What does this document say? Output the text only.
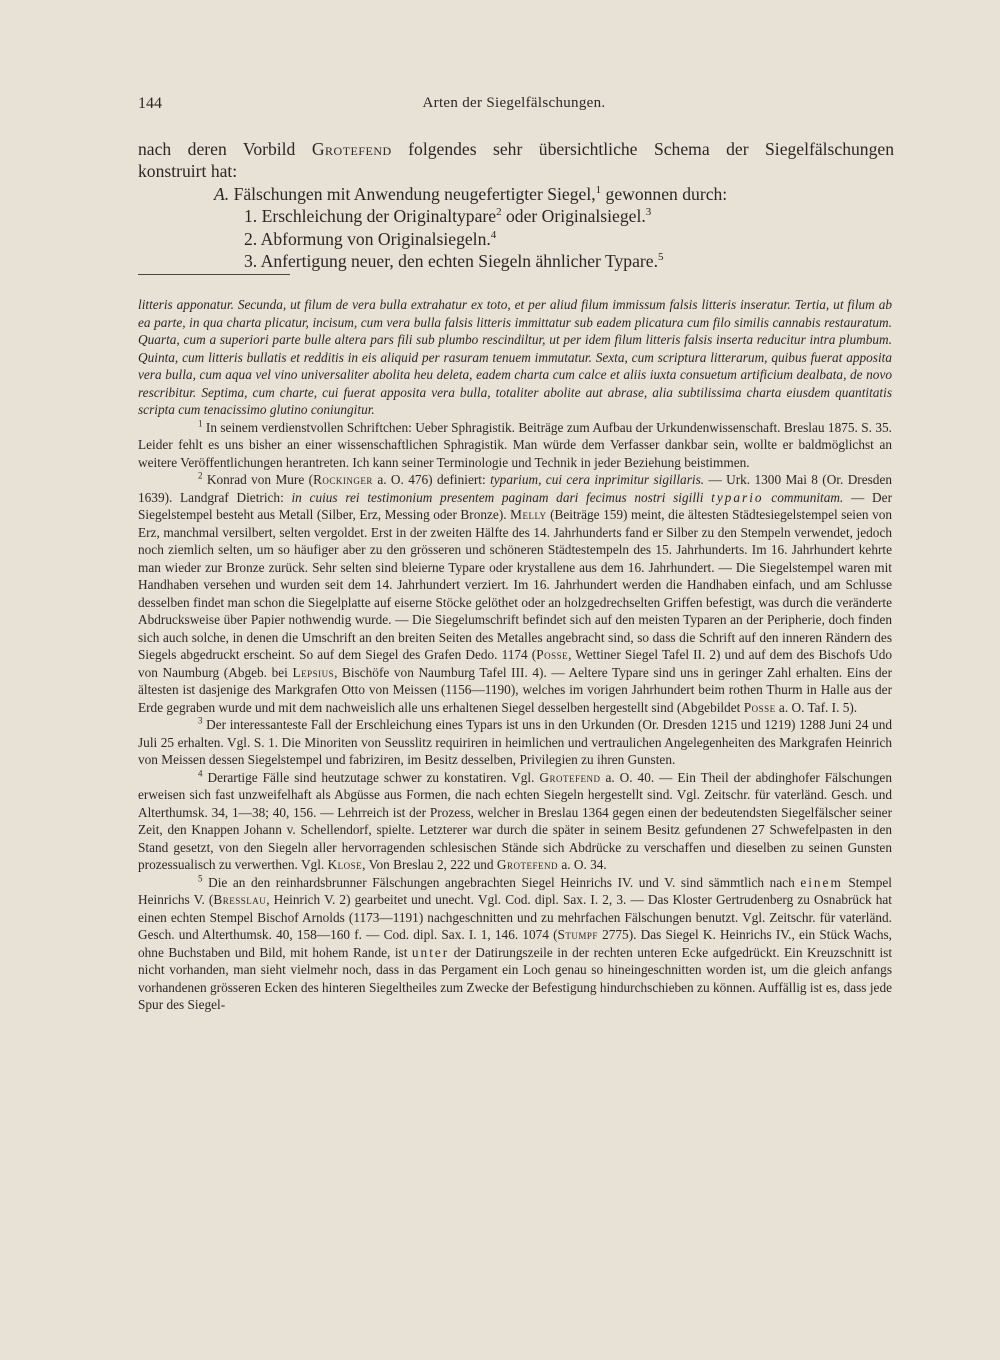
144	Arten der Siegelfälschungen.
nach deren Vorbild Grotefend folgendes sehr übersichtliche Schema der Siegelfälschungen
konstruirt hat:
A. Fälschungen mit Anwendung neugefertigter Siegel,$^1$ gewonnen durch:
1. Erschleichung der Originaltypare$^2$ oder Originalsiegel.$^3$
2. Abformung von Originalsiegeln.$^4$
3. Anfertigung neuer, den echten Siegeln ähnlicher Typare.$^5$

litteris apponatur. Secunda, ut filum de vera bulla extrahatur ex toto, et per aliud filum immissum falsis litteris inseratur. Tertia, ut filum ab ea parte, in qua charta plicatur, incisum, cum vera bulla falsis litteris immittatur sub eadem plicatura cum filo similis cannabis restauratum. Quarta, cum a superiori parte bulle altera pars fili sub plumbo rescindiltur, ut per idem filum litteris falsis inserta reducitur intra plumbum. Quinta, cum litteris bullatis et redditis in eis aliquid per rasuram tenuem immutatur. Sexta, cum scriptura litterarum, quibus fuerat apposita vera bulla, cum aqua vel vino universaliter abolita heu deleta, eadem charta cum calce et aliis iuxta consuetum artificium dealbata, de novo rescribitur. Septima, cum charte, cui fuerat apposita vera bulla, totaliter abolite aut abrase, alia subtilissima charta eiusdem quantitatis scripta cum tenacissimo glutino coniungitur.

$^1$ In seinem verdienstvollen Schriftchen: Ueber Sphragistik. Beiträge zum Aufbau der Urkundenwissenschaft. Breslau 1875. S. 35. Leider fehlt es uns bisher an einer wissenschaftlichen Sphragistik. Man würde dem Verfasser dankbar sein, wollte er baldmöglichst an weitere Veröffentlichungen herantreten. Ich kann seiner Terminologie und Technik in jeder Beziehung beistimmen.

$^2$ Konrad von Mure (Rockinger a. O. 476) definiert: typarium, cui cera inprimitur sigillaris. — Urk. 1300 Mai 8 (Or. Dresden 1639). Landgraf Dietrich: in cuius rei testimonium presentem paginam dari fecimus nostri sigilli typario communitam. — Der Siegelstempel besteht aus Metall (Silber, Erz, Messing oder Bronze). Melly (Beiträge 159) meint, die ältesten Städtesiegelstempel seien von Erz, manchmal versilbert, selten vergoldet. Erst in der zweiten Hälfte des 14. Jahrhunderts fand er Silber zu den Stempeln verwendet, jedoch noch ziemlich selten, um so häufiger aber zu den grösseren und schöneren Städtestempeln des 15. Jahrhunderts. Im 16. Jahrhundert kehrte man wieder zur Bronze zurück. Sehr selten sind bleierne Typare oder krystallene aus dem 16. Jahrhundert. — Die Siegelstempel waren mit Handhaben versehen und wurden seit dem 14. Jahrhundert verziert. Im 16. Jahrhundert werden die Handhaben einfach, und am Schlusse desselben findet man schon die Siegelplatte auf eiserne Stöcke gelöthet oder an holzgedrechselten Griffen befestigt, was durch die veränderte Abdrucksweise über Papier nothwendig wurde. — Die Siegelumschrift befindet sich auf den meisten Typaren an der Peripherie, doch finden sich auch solche, in denen die Umschrift an den breiten Seiten des Metalles angebracht sind, so dass die Schrift auf den inneren Rändern des Siegels abgedruckt erscheint. So auf dem Siegel des Grafen Dedo. 1174 (Posse, Wettiner Siegel Tafel II. 2) und auf dem des Bischofs Udo von Naumburg (Abgeb. bei Lepsius, Bischöfe von Naumburg Tafel III. 4). — Aeltere Typare sind uns in geringer Zahl erhalten. Eins der ältesten ist dasjenige des Markgrafen Otto von Meissen (1156—1190), welches im vorigen Jahrhundert beim rothen Thurm in Halle aus der Erde gegraben wurde und mit dem nachweislich alle uns erhaltenen Siegel desselben hergestellt sind (Abgebildet Posse a. O. Taf. I. 5).

$^3$ Der interessanteste Fall der Erschleichung eines Typars ist uns in den Urkunden (Or. Dresden 1215 und 1219) 1288 Juni 24 und Juli 25 erhalten. Vgl. S. 1. Die Minoriten von Seusslitz requiriren in heimlichen und vertraulichen Angelegenheiten des Markgrafen Heinrich von Meissen dessen Siegelstempel und fabriziren, im Besitz desselben, Privilegien zu ihren Gunsten.

$^4$ Derartige Fälle sind heutzutage schwer zu konstatiren. Vgl. Grotefend a. O. 40. — Ein Theil der abdinghofer Fälschungen erweisen sich fast unzweifelhaft als Abgüsse aus Formen, die nach echten Siegeln hergestellt sind. Vgl. Zeitschr. für vaterländ. Gesch. und Alterthumsk. 34, 1—38; 40, 156. — Lehrreich ist der Prozess, welcher in Breslau 1364 gegen einen der bedeutendsten Siegelfälscher seiner Zeit, den Knappen Johann v. Schellendorf, spielte. Letzterer war durch die später in seinem Besitz gefundenen 27 Schwefelpasten in den Stand gesetzt, von den Siegeln aller hervorragenden schlesischen Stände sich Abdrücke zu verschaffen und dieselben zu seinen Gunsten prozessualisch zu verwerthen. Vgl. Klose, Von Breslau 2, 222 und Grotefend a. O. 34.

$^5$ Die an den reinhardsbrunner Fälschungen angebrachten Siegel Heinrichs IV. und V. sind sämmtlich nach einem Stempel Heinrichs V. (Bresslau, Heinrich V. 2) gearbeitet und unecht. Vgl. Cod. dipl. Sax. I. 2, 3. — Das Kloster Gertrudenberg zu Osnabrück hat einen echten Stempel Bischof Arnolds (1173—1191) nachgeschnitten und zu mehrfachen Fälschungen benutzt. Vgl. Zeitschr. für vaterländ. Gesch. und Alterthumsk. 40, 158—160 f. — Cod. dipl. Sax. I. 1, 146. 1074 (Stumpf 2775). Das Siegel K. Heinrichs IV., ein Stück Wachs, ohne Buchstaben und Bild, mit hohem Rande, ist unter der Datirungszeile in der rechten unteren Ecke aufgedrückt. Ein Kreuzschnitt ist nicht vorhanden, man sieht vielmehr noch, dass in das Pergament ein Loch genau so hineingeschnitten worden ist, um die gleich anfangs vorhandenen grösseren Ecken des hinteren Siegeltheiles zum Zwecke der Befestigung hindurchschieben zu können. Auffällig ist es, dass jede Spur des Siegel-
